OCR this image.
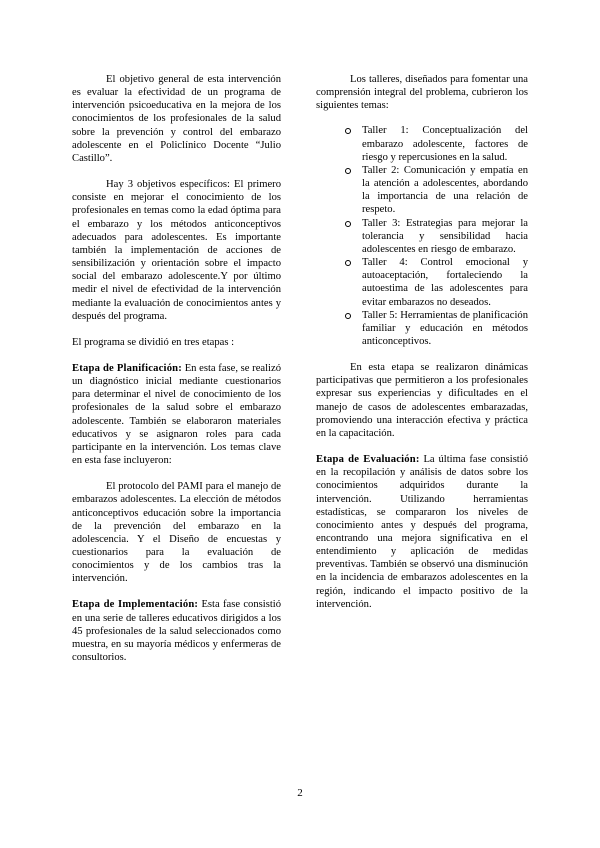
El objetivo general de esta intervención es evaluar la efectividad de un programa de intervención psicoeducativa en la mejora de los conocimientos de los profesionales de la salud sobre la prevención y control del embarazo adolescente en el Policlínico Docente “Julio Castillo”.

Hay 3 objetivos específicos: El primero consiste en mejorar el conocimiento de los profesionales en temas como la edad óptima para el embarazo y los métodos anticonceptivos adecuados para adolescentes. Es importante también la implementación de acciones de sensibilización y orientación sobre el impacto social del embarazo adolescente.Y por último medir el nivel de efectividad de la intervención mediante la evaluación de conocimientos antes y después del programa.

El programa se dividió en tres etapas :

Etapa de Planificación: En esta fase, se realizó un diagnóstico inicial mediante cuestionarios para determinar el nivel de conocimiento de los profesionales de la salud sobre el embarazo adolescente. También se elaboraron materiales educativos y se asignaron roles para cada participante en la intervención. Los temas clave en esta fase incluyeron:

El protocolo del PAMI para el manejo de embarazos adolescentes. La elección de métodos anticonceptivos educación sobre la importancia de la prevención del embarazo en la adolescencia. Y el Diseño de encuestas y cuestionarios para la evaluación de conocimientos y de los cambios tras la intervención.

Etapa de Implementación: Esta fase consistió en una serie de talleres educativos dirigidos a los 45 profesionales de la salud seleccionados como muestra, en su mayoría médicos y enfermeras de consultorios.

Los talleres, diseñados para fomentar una comprensión integral del problema, cubrieron los siguientes temas:

Taller 1: Conceptualización del embarazo adolescente, factores de riesgo y repercusiones en la salud.
Taller 2: Comunicación y empatía en la atención a adolescentes, abordando la importancia de una relación de respeto.
Taller 3: Estrategias para mejorar la tolerancia y sensibilidad hacia adolescentes en riesgo de embarazo.
Taller 4: Control emocional y autoaceptación, fortaleciendo la autoestima de las adolescentes para evitar embarazos no deseados.
Taller 5: Herramientas de planificación familiar y educación en métodos anticonceptivos.

En esta etapa se realizaron dinámicas participativas que permitieron a los profesionales expresar sus experiencias y dificultades en el manejo de casos de adolescentes embarazadas, promoviendo una interacción efectiva y práctica en la capacitación.

Etapa de Evaluación: La última fase consistió en la recopilación y análisis de datos sobre los conocimientos adquiridos durante la intervención. Utilizando herramientas estadísticas, se compararon los niveles de conocimiento antes y después del programa, encontrando una mejora significativa en el entendimiento y aplicación de medidas preventivas. También se observó una disminución en la incidencia de embarazos adolescentes en la región, indicando el impacto positivo de la intervención.

2
